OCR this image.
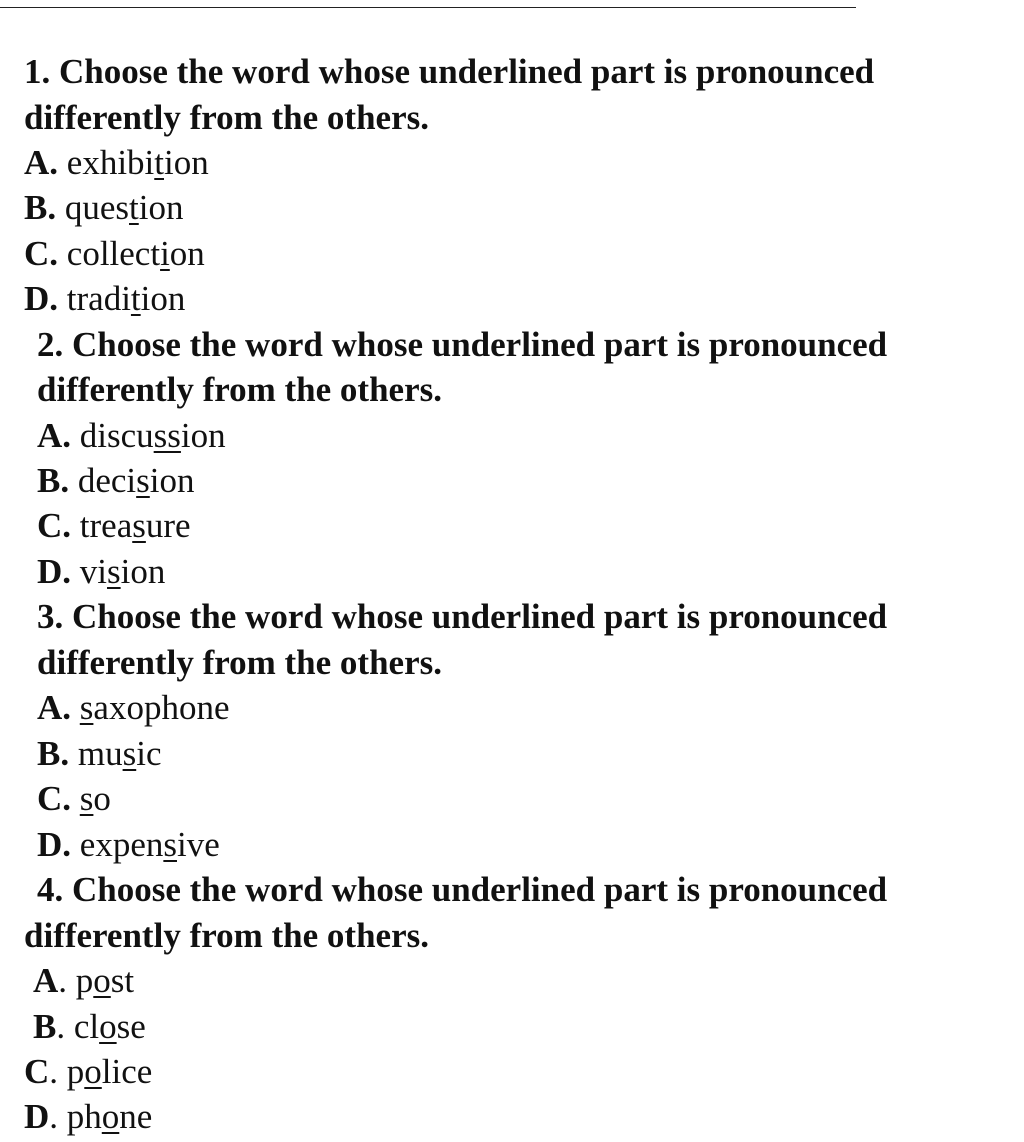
1. Choose the word whose underlined part is pronounced
differently from the others.
A. exhibition
B. question
C. collection
D. tradition
2. Choose the word whose underlined part is pronounced
differently from the others.
A. discussion
B. decision
C. treasure
D. vision
3. Choose the word whose underlined part is pronounced
differently from the others.
A. saxophone
B. music
C. so
D. expensive
4. Choose the word whose underlined part is pronounced
differently from the others.
A. post
B. close
C. police
D. phone
